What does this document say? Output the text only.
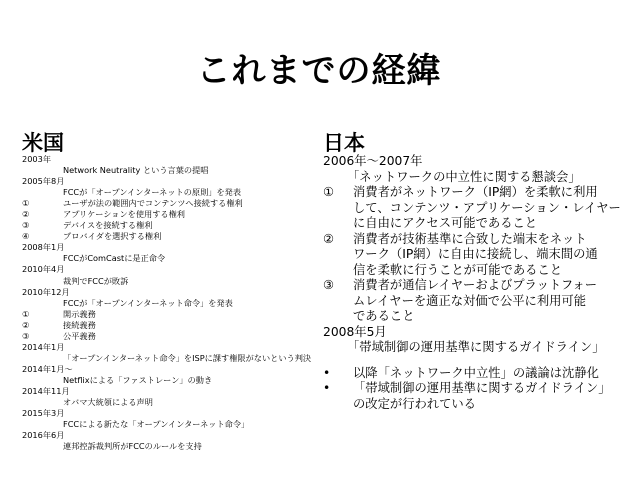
これまでの経緯
米国	日本
2003年
Network Neutrality という言葉の提唱
2005年8月
FCCが「オープンインターネットの原則」を発表
①	ユーザが法の範囲内でコンテンツへ接続する権利
②	アプリケーションを使用する権利
③	デバイスを接続する権利
④	プロバイダを選択する権利
2008年1月
FCCがComCastに是正命令
2010年4月
裁判でFCCが敗訴
2010年12月
FCCが「オープンインターネット命令」を発表
①	開示義務
②	接続義務
③	公平義務
2014年1月
「オープンインターネット命令」をISPに課す権限がないという判決
2014年1月～
Netflixによる「ファストレーン」の動き
2014年11月
オバマ大統領による声明
2015年3月
FCCによる新たな「オープンインターネット命令」
2016年6月
連邦控訴裁判所がFCCのルールを支持
2006年～2007年
「ネットワークの中立性に関する懇談会」
①	消費者がネットワーク（IP網）を柔軟に利用
して、コンテンツ・アプリケーション・レイヤー
に自由にアクセス可能であること
②	消費者が技術基準に合致した端末をネット
ワーク（IP網）に自由に接続し、端末間の通
信を柔軟に行うことが可能であること
③	消費者が通信レイヤーおよびプラットフォー
ムレイヤーを適正な対価で公平に利用可能
であること
2008年5月
「帯域制御の運用基準に関するガイドライン」
•	以降「ネットワーク中立性」の議論は沈静化
•	「帯域制御の運用基準に関するガイドライン」
の改定が行われている
